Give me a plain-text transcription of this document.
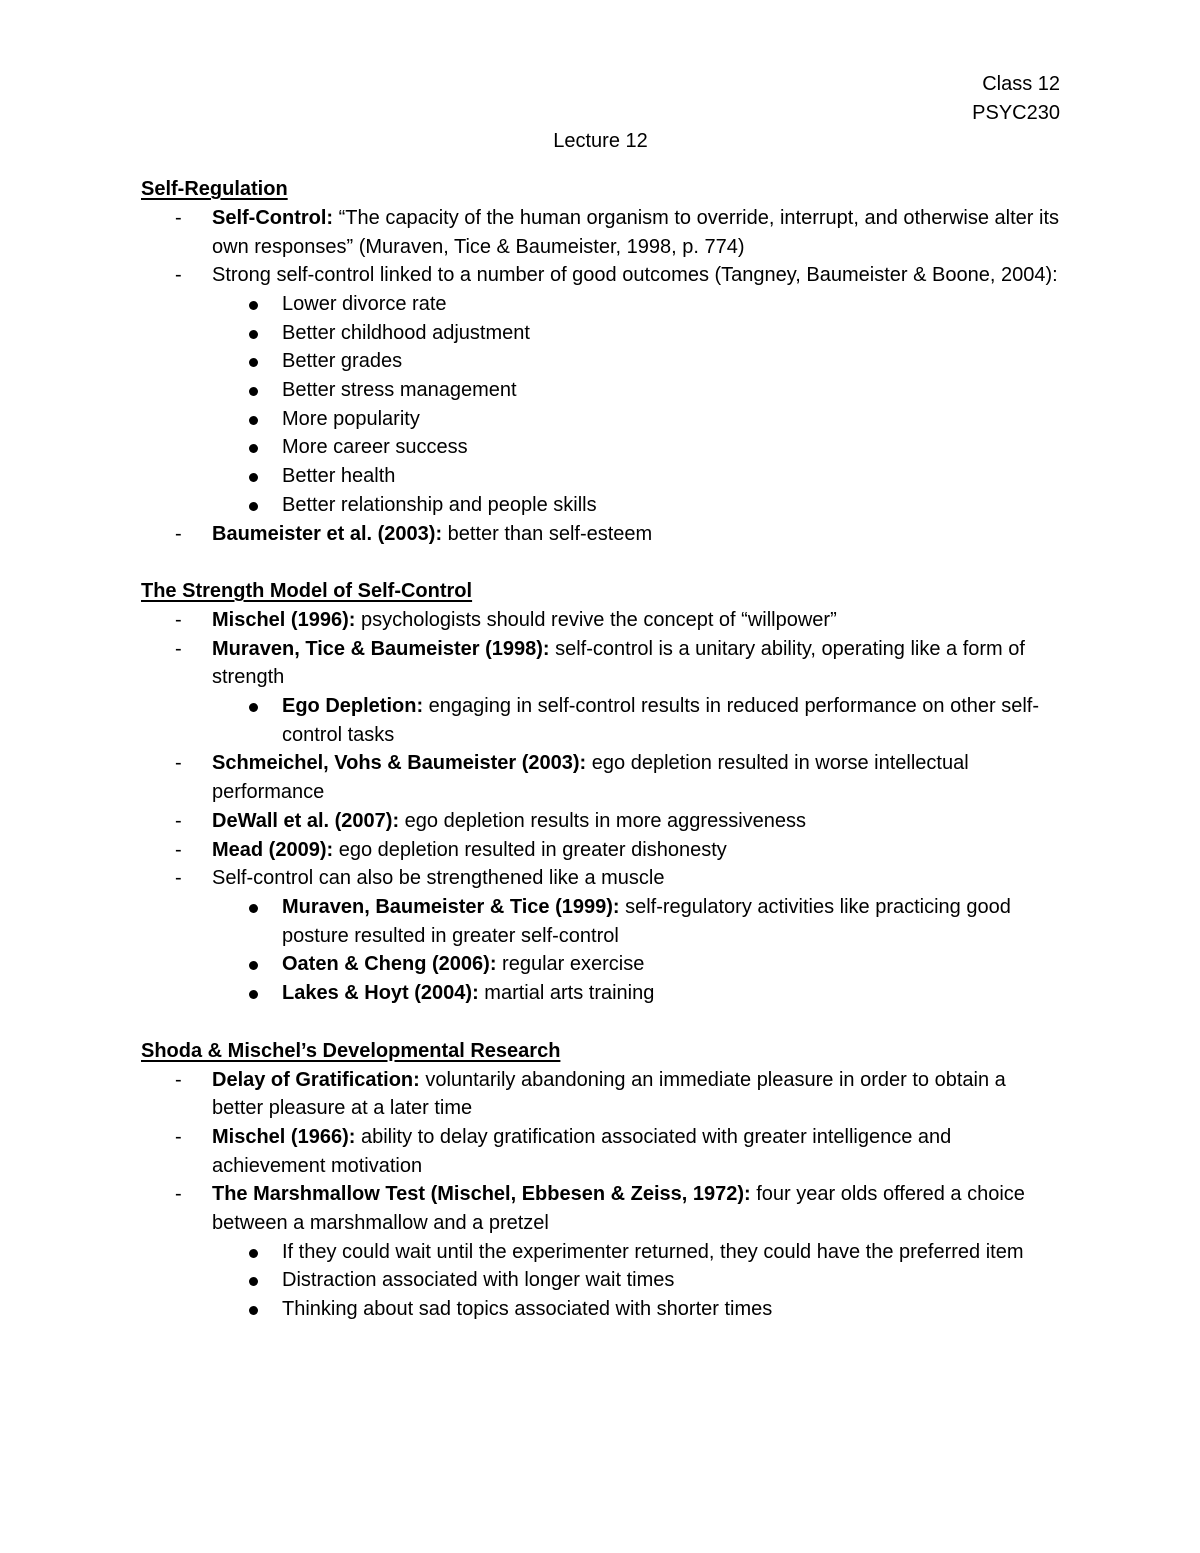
Class 12
PSYC230
Lecture 12
Self-Regulation
- Self-Control: “The capacity of the human organism to override, interrupt, and otherwise alter its own responses” (Muraven, Tice & Baumeister, 1998, p. 774)
- Strong self-control linked to a number of good outcomes (Tangney, Baumeister & Boone, 2004):
Lower divorce rate
Better childhood adjustment
Better grades
Better stress management
More popularity
More career success
Better health
Better relationship and people skills
- Baumeister et al. (2003): better than self-esteem
The Strength Model of Self-Control
- Mischel (1996): psychologists should revive the concept of “willpower”
- Muraven, Tice & Baumeister (1998): self-control is a unitary ability, operating like a form of strength
Ego Depletion: engaging in self-control results in reduced performance on other self-control tasks
- Schmeichel, Vohs & Baumeister (2003): ego depletion resulted in worse intellectual performance
- DeWall et al. (2007): ego depletion results in more aggressiveness
- Mead (2009): ego depletion resulted in greater dishonesty
- Self-control can also be strengthened like a muscle
Muraven, Baumeister & Tice (1999): self-regulatory activities like practicing good posture resulted in greater self-control
Oaten & Cheng (2006): regular exercise
Lakes & Hoyt (2004): martial arts training
Shoda & Mischel’s Developmental Research
- Delay of Gratification: voluntarily abandoning an immediate pleasure in order to obtain a better pleasure at a later time
- Mischel (1966): ability to delay gratification associated with greater intelligence and achievement motivation
- The Marshmallow Test (Mischel, Ebbesen & Zeiss, 1972): four year olds offered a choice between a marshmallow and a pretzel
If they could wait until the experimenter returned, they could have the preferred item
Distraction associated with longer wait times
Thinking about sad topics associated with shorter times
